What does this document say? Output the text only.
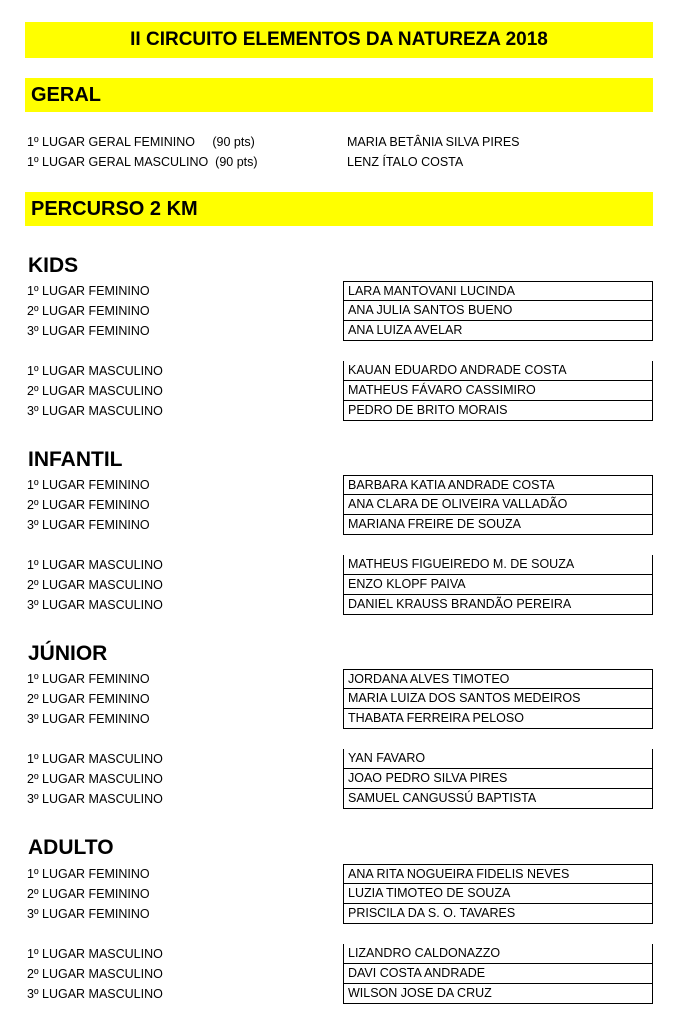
II CIRCUITO ELEMENTOS DA NATUREZA 2018
GERAL
1º LUGAR GERAL FEMININO     (90 pts)	MARIA BETÂNIA SILVA PIRES
1º LUGAR GERAL MASCULINO  (90 pts)	LENZ ÍTALO COSTA
PERCURSO 2 KM
KIDS
1º LUGAR FEMININO	LARA MANTOVANI LUCINDA
2º LUGAR FEMININO	ANA JULIA SANTOS BUENO
3º LUGAR FEMININO	ANA LUIZA AVELAR
1º LUGAR MASCULINO	KAUAN EDUARDO ANDRADE COSTA
2º LUGAR MASCULINO	MATHEUS FÁVARO CASSIMIRO
3º LUGAR MASCULINO	PEDRO DE BRITO MORAIS
INFANTIL
1º LUGAR FEMININO	BARBARA KATIA ANDRADE COSTA
2º LUGAR FEMININO	ANA CLARA DE OLIVEIRA VALLADÃO
3º LUGAR FEMININO	MARIANA FREIRE DE SOUZA
1º LUGAR MASCULINO	MATHEUS FIGUEIREDO M. DE SOUZA
2º LUGAR MASCULINO	ENZO KLOPF PAIVA
3º LUGAR MASCULINO	DANIEL KRAUSS BRANDÃO PEREIRA
JÚNIOR
1º LUGAR FEMININO	JORDANA ALVES TIMOTEO
2º LUGAR FEMININO	MARIA LUIZA DOS SANTOS MEDEIROS
3º LUGAR FEMININO	THABATA FERREIRA PELOSO
1º LUGAR MASCULINO	YAN FAVARO
2º LUGAR MASCULINO	JOAO PEDRO SILVA PIRES
3º LUGAR MASCULINO	SAMUEL CANGUSSÚ BAPTISTA
ADULTO
1º LUGAR FEMININO	ANA RITA NOGUEIRA FIDELIS NEVES
2º LUGAR FEMININO	LUZIA TIMOTEO DE SOUZA
3º LUGAR FEMININO	PRISCILA DA S. O. TAVARES
1º LUGAR MASCULINO	LIZANDRO CALDONAZZO
2º LUGAR MASCULINO	DAVI COSTA ANDRADE
3º LUGAR MASCULINO	WILSON JOSE DA CRUZ
